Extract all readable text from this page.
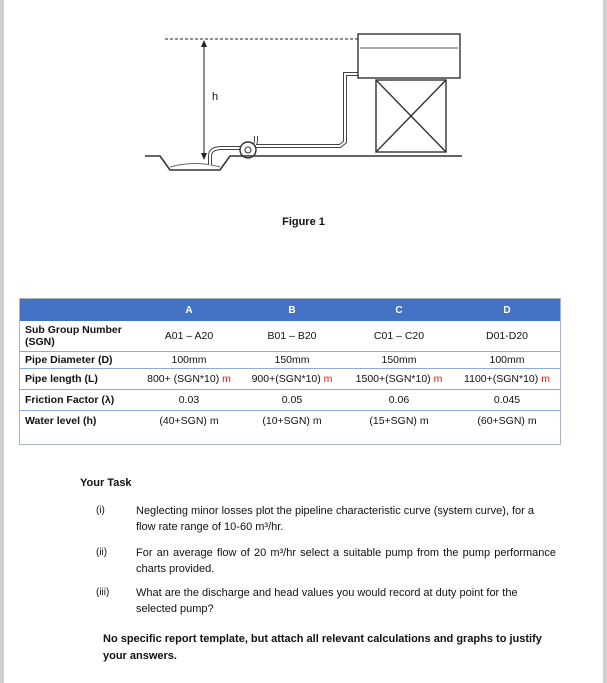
h
Figure 1
	A	B	C	D
Sub Group Number (SGN)	A01 – A20	B01 – B20	C01 – C20	D01-D20
Pipe Diameter (D)	100mm	150mm	150mm	100mm
Pipe length (L)	800+ (SGN*10) m	900+(SGN*10) m	1500+(SGN*10) m	1100+(SGN*10) m
Friction Factor (λ)	0.03	0.05	0.06	0.045
Water level (h)	(40+SGN) m	(10+SGN) m	(15+SGN) m	(60+SGN) m
Your Task
(i)	Neglecting minor losses plot the pipeline characteristic curve (system curve), for a flow rate range of 10-60 m³/hr.
(ii)	For an average flow of 20 m³/hr select a suitable pump from the pump performance charts provided.
(iii) What are the discharge and head values you would record at duty point for the selected pump?
No specific report template, but attach all relevant calculations and graphs to justify your answers.
